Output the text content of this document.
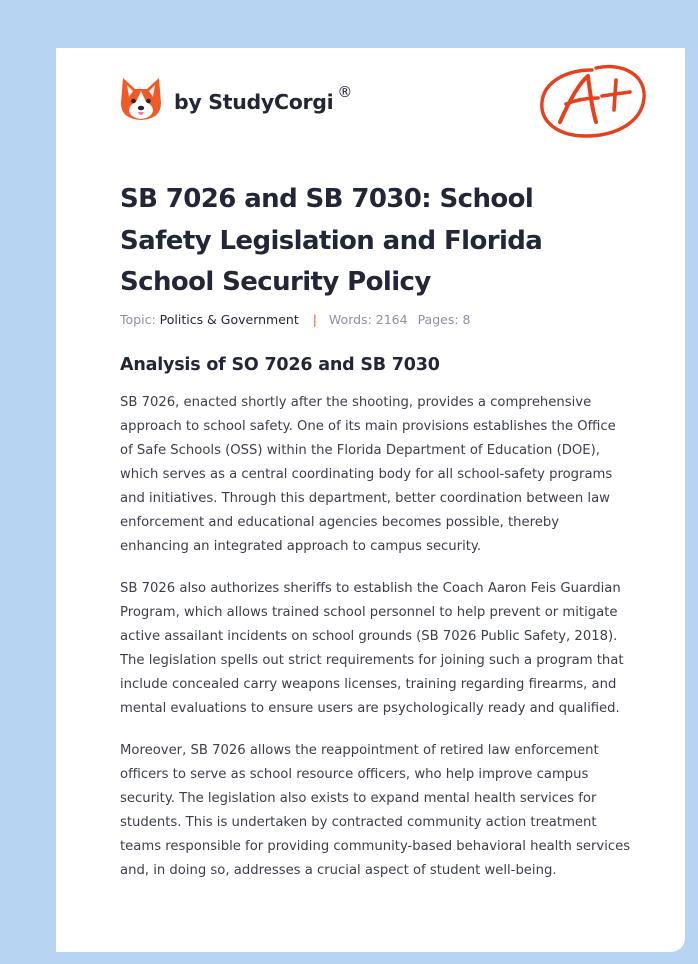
by StudyCorgi ®
SB 7026 and SB 7030: School Safety Legislation and Florida School Security Policy
Topic: Politics & Government | Words: 2164 Pages: 8
Analysis of SO 7026 and SB 7030

SB 7026, enacted shortly after the shooting, provides a comprehensive approach to school safety. One of its main provisions establishes the Office of Safe Schools (OSS) within the Florida Department of Education (DOE), which serves as a central coordinating body for all school-safety programs and initiatives. Through this department, better coordination between law enforcement and educational agencies becomes possible, thereby enhancing an integrated approach to campus security.

SB 7026 also authorizes sheriffs to establish the Coach Aaron Feis Guardian Program, which allows trained school personnel to help prevent or mitigate active assailant incidents on school grounds (SB 7026 Public Safety, 2018). The legislation spells out strict requirements for joining such a program that include concealed carry weapons licenses, training regarding firearms, and mental evaluations to ensure users are psychologically ready and qualified.

Moreover, SB 7026 allows the reappointment of retired law enforcement officers to serve as school resource officers, who help improve campus security. The legislation also exists to expand mental health services for students. This is undertaken by contracted community action treatment teams responsible for providing community-based behavioral health services and, in doing so, addresses a crucial aspect of student well-being.
